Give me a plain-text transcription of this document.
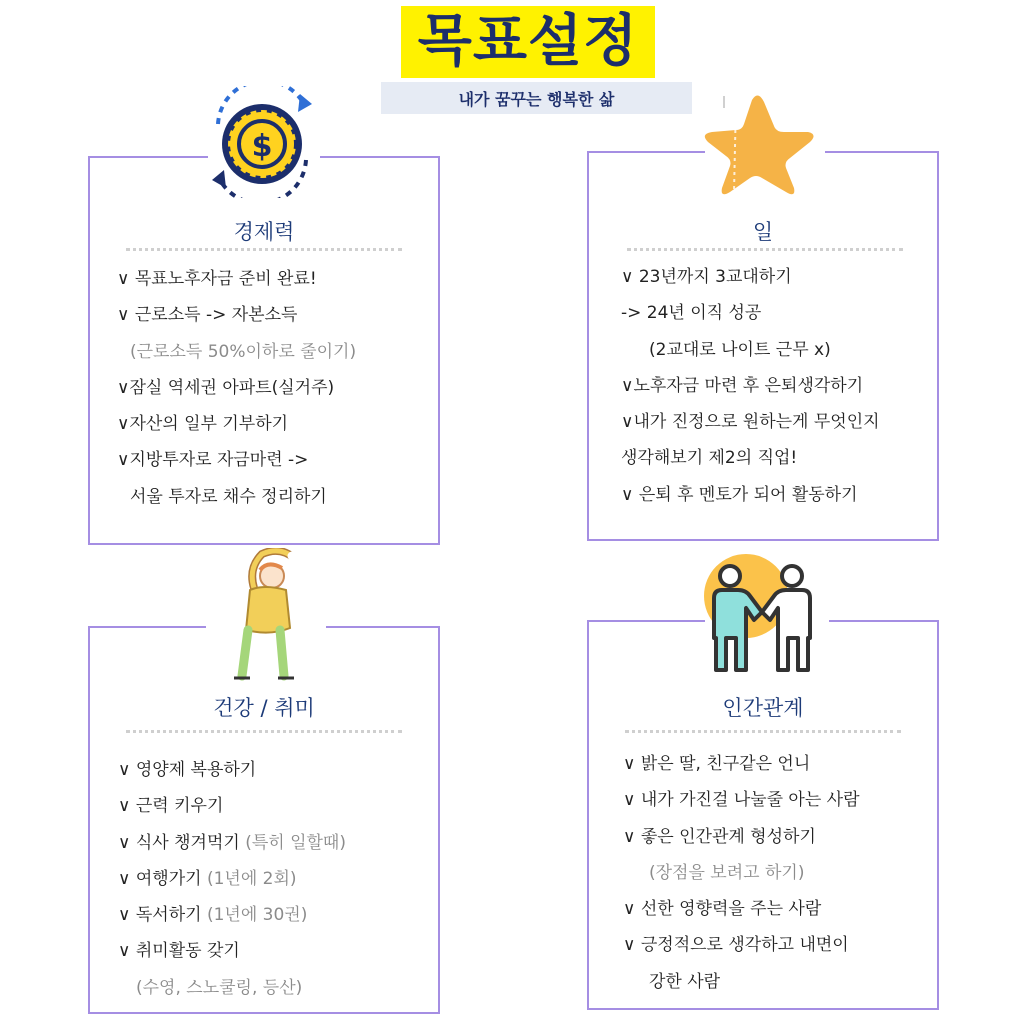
목표설정
내가 꿈꾸는 행복한 삶
경제력
∨ 목표노후자금 준비 완료!
∨ 근로소득 -> 자본소득
(근로소득 50%이하로 줄이기)
∨잠실 역세권 아파트(실거주)
∨자산의 일부 기부하기
∨지방투자로 자금마련 ->
서울 투자로 채수 정리하기
$
일
∨ 23년까지 3교대하기
-> 24년 이직 성공
(2교대로 나이트 근무 x)
∨노후자금 마련 후 은퇴생각하기
∨내가 진정으로 원하는게 무엇인지
생각해보기 제2의 직업!
∨ 은퇴 후 멘토가 되어 활동하기
건강 / 취미
∨ 영양제 복용하기
∨ 근력 키우기
∨ 식사 챙겨먹기 (특히 일할때)
∨ 여행가기 (1년에 2회)
∨ 독서하기 (1년에 30권)
∨ 취미활동 갖기
(수영, 스노쿨링, 등산)
인간관계
∨ 밝은 딸, 친구같은 언니
∨ 내가 가진걸 나눌줄 아는 사람
∨ 좋은 인간관계 형성하기
(장점을 보려고 하기)
∨ 선한 영향력을 주는 사람
∨ 긍정적으로 생각하고 내면이
강한 사람
